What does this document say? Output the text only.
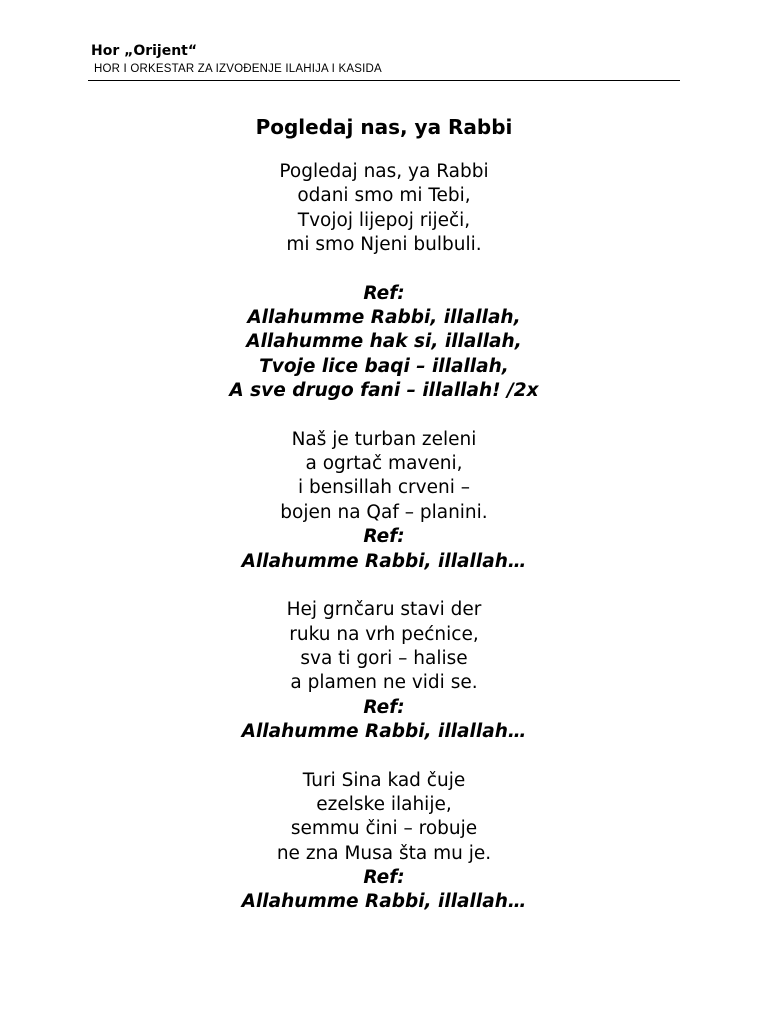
Hor „Orijent“
HOR I ORKESTAR ZA IZVOĐENJE ILAHIJA I KASIDA
Pogledaj nas, ya Rabbi
Pogledaj nas, ya Rabbi
odani smo mi Tebi,
Tvojoj lijepoj riječi,
mi smo Njeni bulbuli.
Ref:
Allahumme Rabbi, illallah,
Allahumme hak si, illallah,
Tvoje lice baqi – illallah,
A sve drugo fani – illallah! /2x
Naš je turban zeleni
a ogrtač maveni,
i bensillah crveni –
bojen na Qaf – planini.
Ref:
Allahumme Rabbi, illallah…
Hej grnčaru stavi der
ruku na vrh pećnice,
sva ti gori – halise
a plamen ne vidi se.
Ref:
Allahumme Rabbi, illallah…
Turi Sina kad čuje
ezelske ilahije,
semmu čini – robuje
ne zna Musa šta mu je.
Ref:
Allahumme Rabbi, illallah…
